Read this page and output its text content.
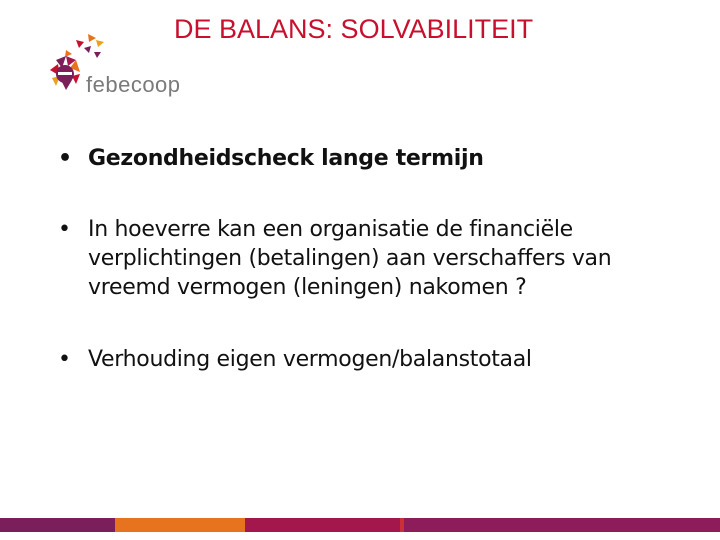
DE BALANS: SOLVABILITEIT
febecoop
• Gezondheidscheck lange termijn
• In hoeverre kan een organisatie de financiële verplichtingen (betalingen) aan verschaffers van vreemd vermogen (leningen) nakomen ?
• Verhouding eigen vermogen/balanstotaal
